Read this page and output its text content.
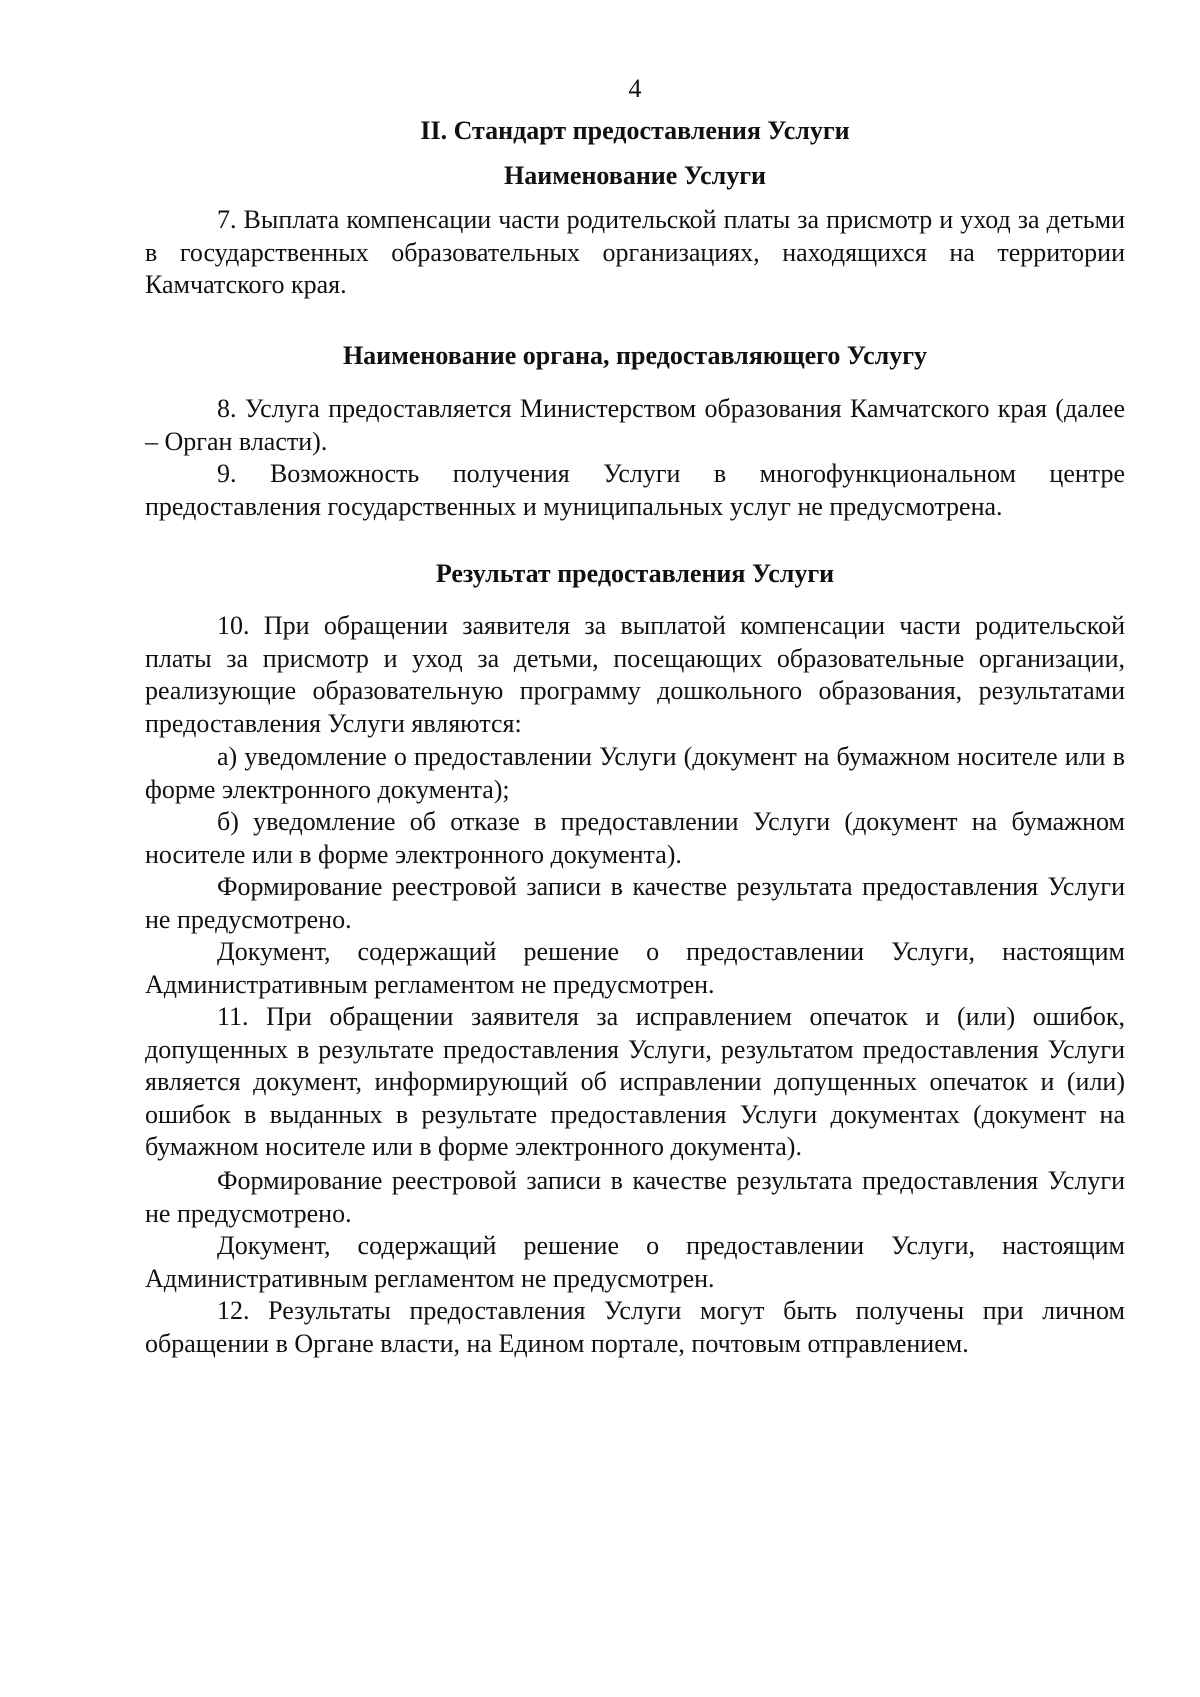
4
II. Стандарт предоставления Услуги
Наименование Услуги

7. Выплата компенсации части родительской платы за присмотр и уход за детьми в государственных образовательных организациях, находящихся на территории Камчатского края.

Наименование органа, предоставляющего Услугу

8. Услуга предоставляется Министерством образования Камчатского края (далее – Орган власти).

9. Возможность получения Услуги в многофункциональном центре предоставления государственных и муниципальных услуг не предусмотрена.

Результат предоставления Услуги

10. При обращении заявителя за выплатой компенсации части родительской платы за присмотр и уход за детьми, посещающих образовательные организации, реализующие образовательную программу дошкольного образования, результатами предоставления Услуги являются:

а) уведомление о предоставлении Услуги (документ на бумажном носителе или в форме электронного документа);

б) уведомление об отказе в предоставлении Услуги (документ на бумажном носителе или в форме электронного документа).

Формирование реестровой записи в качестве результата предоставления Услуги не предусмотрено.

Документ, содержащий решение о предоставлении Услуги, настоящим Административным регламентом не предусмотрен.

11. При обращении заявителя за исправлением опечаток и (или) ошибок, допущенных в результате предоставления Услуги, результатом предоставления Услуги является документ, информирующий об исправлении допущенных опечаток и (или) ошибок в выданных в результате предоставления Услуги документах (документ на бумажном носителе или в форме электронного документа).

Формирование реестровой записи в качестве результата предоставления Услуги не предусмотрено.

Документ, содержащий решение о предоставлении Услуги, настоящим Административным регламентом не предусмотрен.

12. Результаты предоставления Услуги могут быть получены при личном обращении в Органе власти, на Едином портале, почтовым отправлением.
